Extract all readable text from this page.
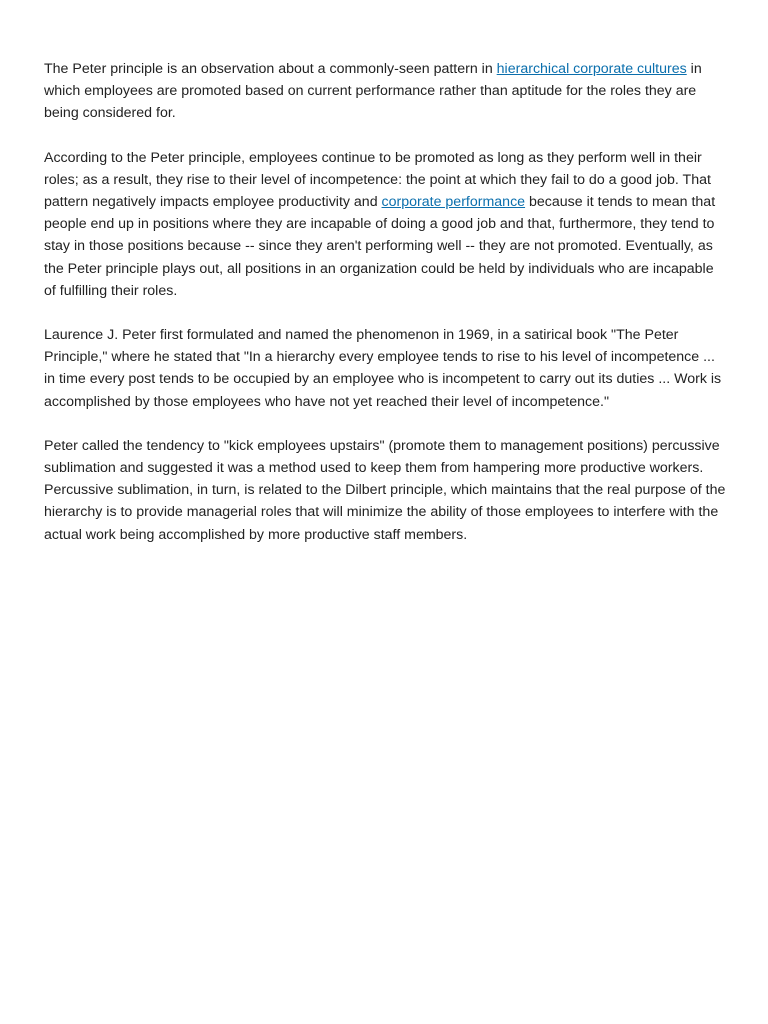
The Peter principle is an observation about a commonly-seen pattern in hierarchical corporate cultures in which employees are promoted based on current performance rather than aptitude for the roles they are being considered for.

According to the Peter principle, employees continue to be promoted as long as they perform well in their roles; as a result, they rise to their level of incompetence: the point at which they fail to do a good job. That pattern negatively impacts employee productivity and corporate performance because it tends to mean that people end up in positions where they are incapable of doing a good job and that, furthermore, they tend to stay in those positions because -- since they aren't performing well -- they are not promoted. Eventually, as the Peter principle plays out, all positions in an organization could be held by individuals who are incapable of fulfilling their roles.

Laurence J. Peter first formulated and named the phenomenon in 1969, in a satirical book "The Peter Principle," where he stated that "In a hierarchy every employee tends to rise to his level of incompetence ... in time every post tends to be occupied by an employee who is incompetent to carry out its duties ... Work is accomplished by those employees who have not yet reached their level of incompetence."

Peter called the tendency to "kick employees upstairs" (promote them to management positions) percussive sublimation and suggested it was a method used to keep them from hampering more productive workers. Percussive sublimation, in turn, is related to the Dilbert principle, which maintains that the real purpose of the hierarchy is to provide managerial roles that will minimize the ability of those employees to interfere with the actual work being accomplished by more productive staff members.
